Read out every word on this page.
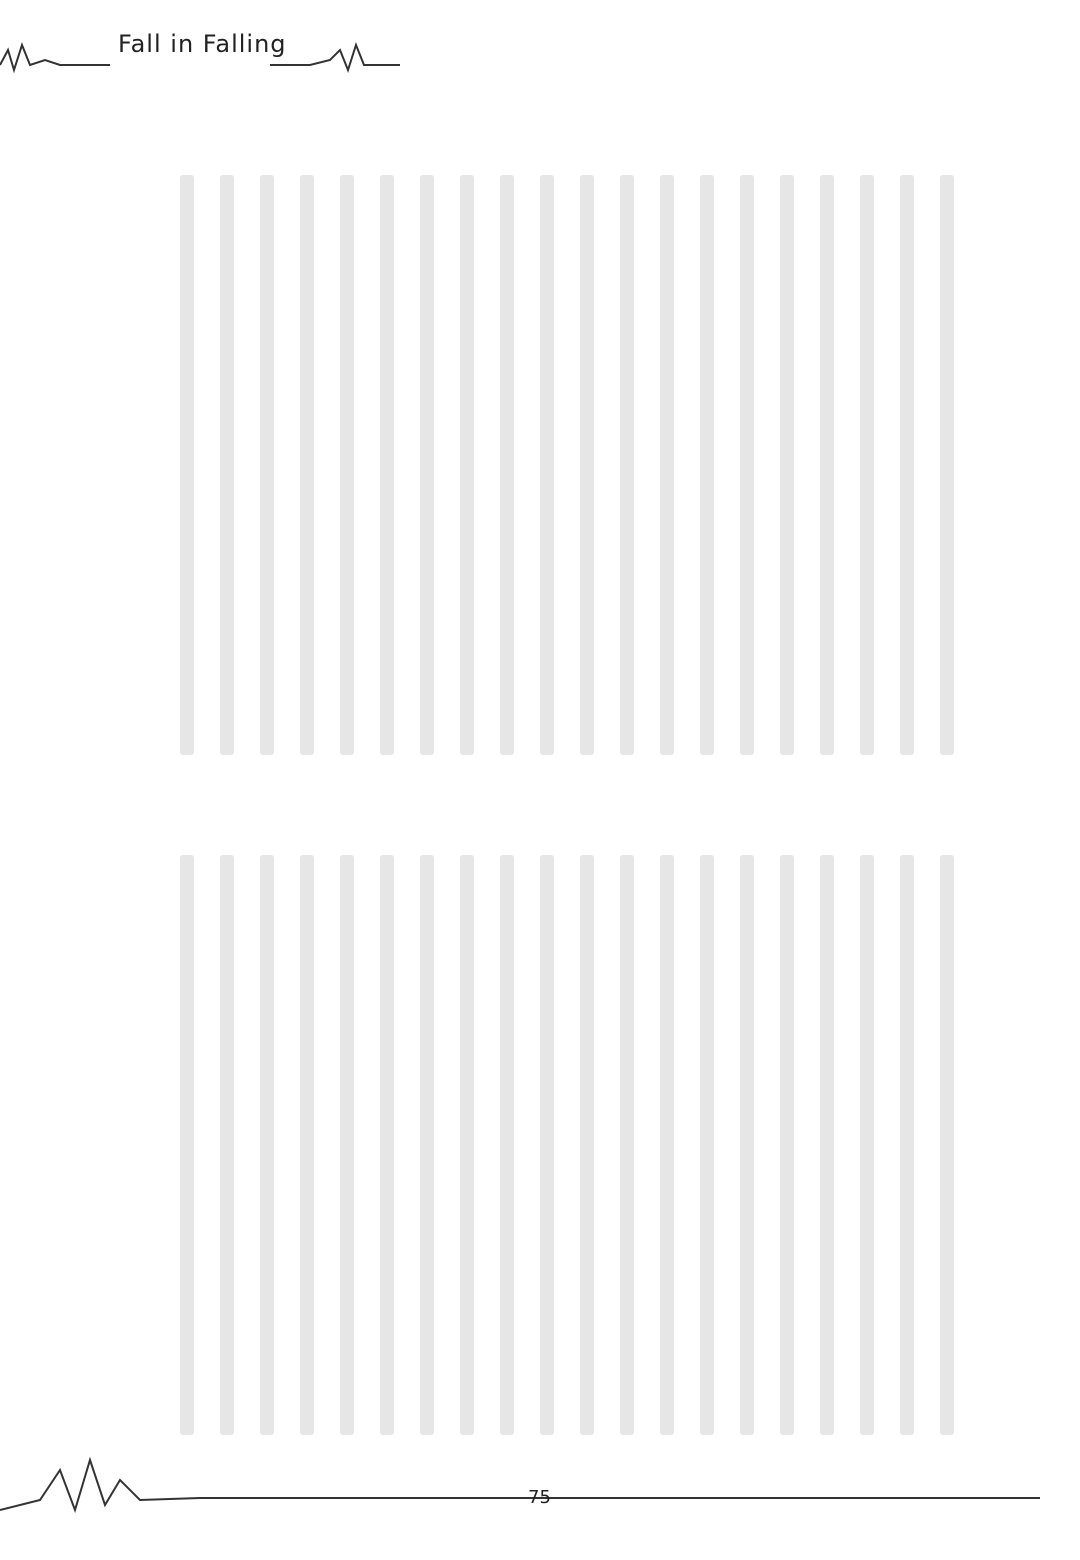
Fall in Falling
75
